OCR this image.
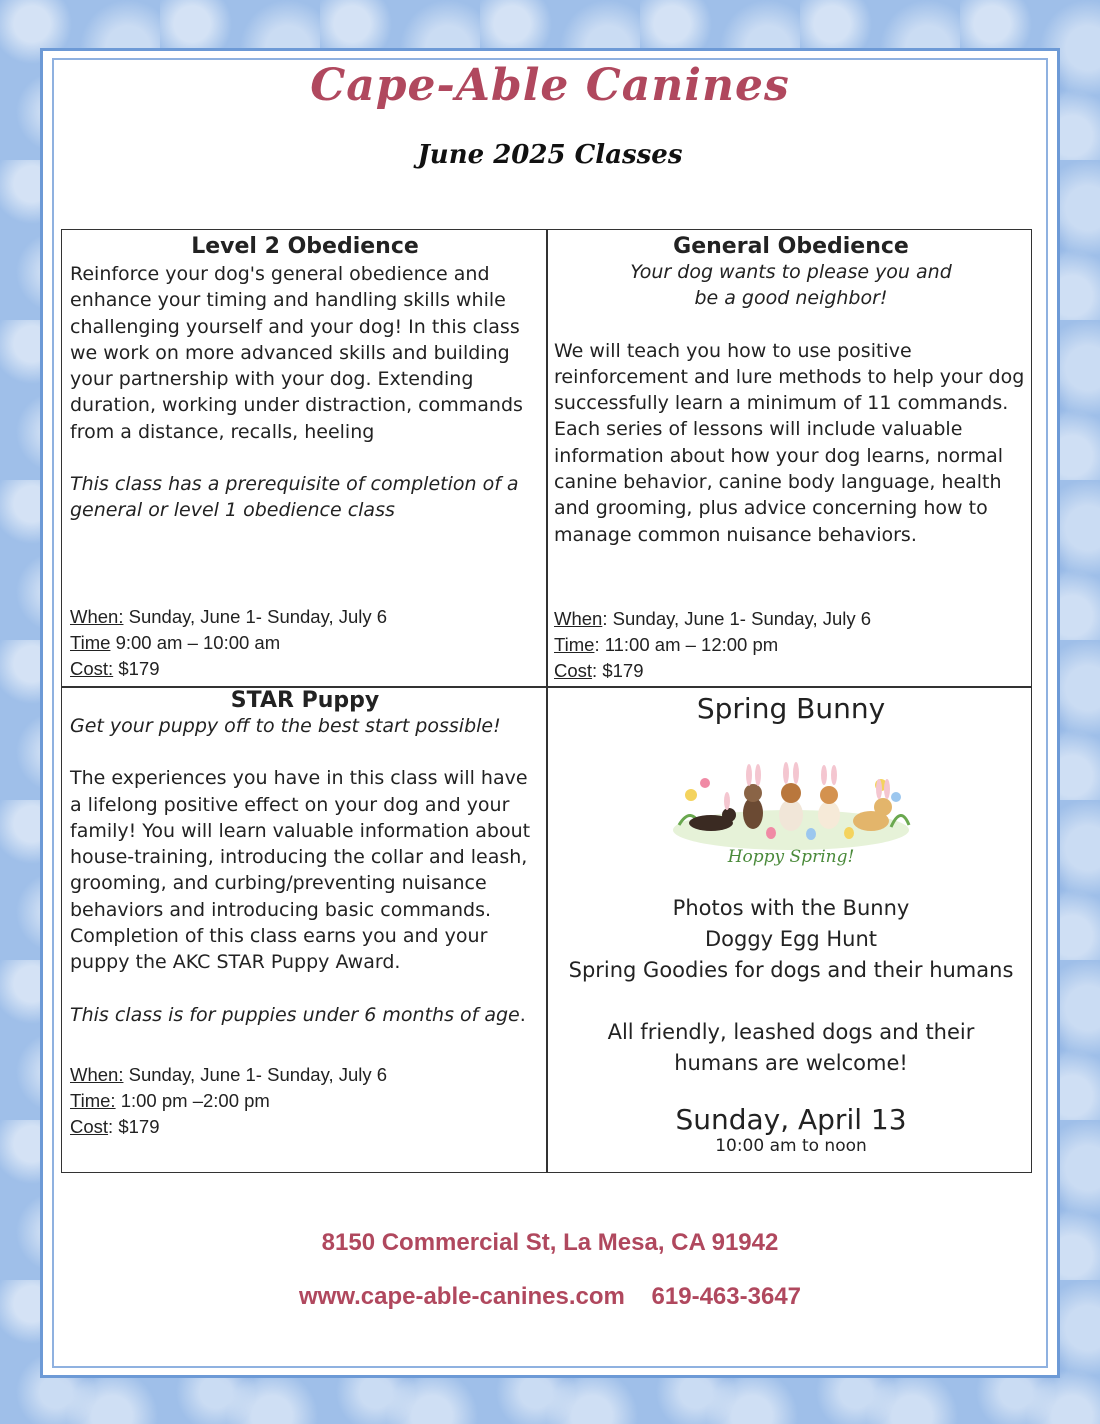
Cape-Able Canines
June 2025 Classes
Level 2 Obedience
Reinforce your dog's general obedience and enhance your timing and handling skills while challenging yourself and your dog! In this class we work on more advanced skills and building your partnership with your dog. Extending duration, working under distraction, commands from a distance, recalls, heeling
This class has a prerequisite of completion of a general or level 1 obedience class
When: Sunday, June 1- Sunday, July 6
Time 9:00 am – 10:00 am
Cost: $179
General Obedience
Your dog wants to please you and
be a good neighbor!
We will teach you how to use positive reinforcement and lure methods to help your dog successfully learn a minimum of 11 commands. Each series of lessons will include valuable information about how your dog learns, normal canine behavior, canine body language, health and grooming, plus advice concerning how to manage common nuisance behaviors.
When: Sunday, June 1- Sunday, July 6
Time: 11:00 am – 12:00 pm
Cost: $179
STAR Puppy
Get your puppy off to the best start possible!
The experiences you have in this class will have a lifelong positive effect on your dog and your family! You will learn valuable information about house-training, introducing the collar and leash, grooming, and curbing/preventing nuisance behaviors and introducing basic commands. Completion of this class earns you and your puppy the AKC STAR Puppy Award.
This class is for puppies under 6 months of age.
When: Sunday, June 1- Sunday, July 6
Time: 1:00 pm –2:00 pm
Cost: $179
Spring Bunny
Hoppy Spring!
Photos with the Bunny
Doggy Egg Hunt
Spring Goodies for dogs and their humans
All friendly, leashed dogs and their
humans are welcome!
Sunday, April 13
10:00 am to noon
8150 Commercial St, La Mesa, CA 91942
www.cape-able-canines.com 619-463-3647
